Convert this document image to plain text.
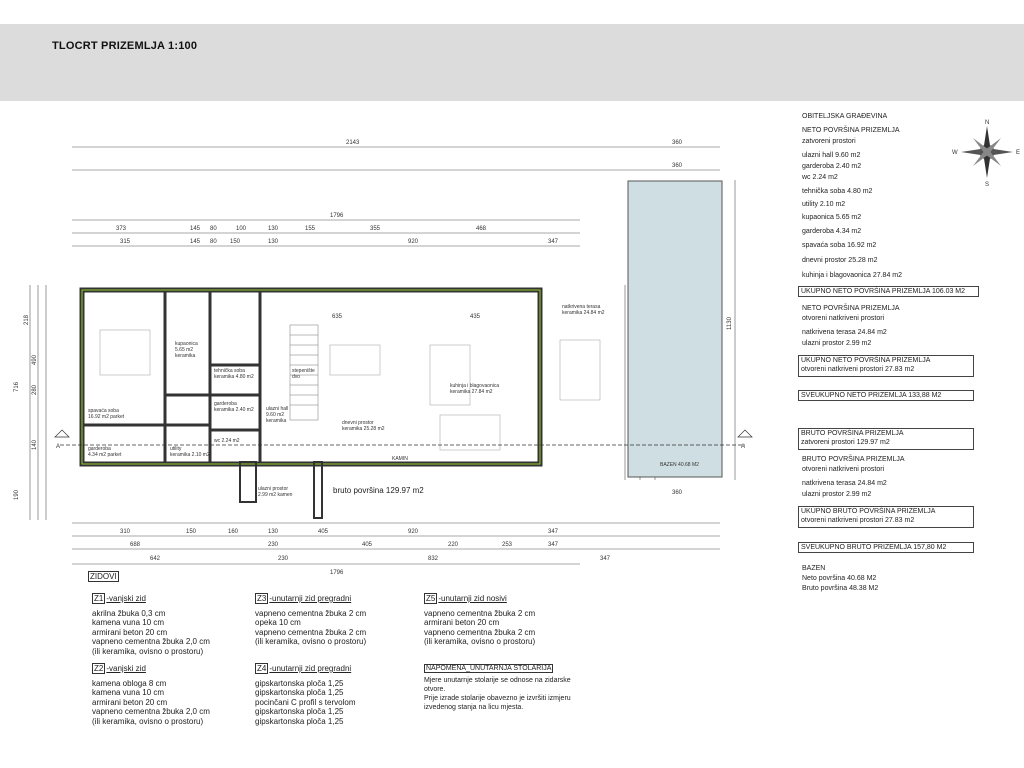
TLOCRT PRIZEMLJA 1:100
2143	360
360
1796
373	145 80	100	130	155	355	468
315	145 80 150	130	920	347
635	435
310	150	160	130	405	920	347
688	230	405	220	253	347
642	230	832	347
1796
360
716
218
490
280
140
190
1130
BAZEN 40.68 M2
A	A
spavaća soba
16.92 m2 parket
garderoba
4.34 m2 parket
kupaonica
5.65 m2
keramika
tehnička soba
keramika 4.80 m2
garderoba
keramika 2.40 m2
wc 2.24 m2
utility
keramika 2.10 m2
ulazni hall
9.60 m2
keramika
stepenište
dvo
dnevni prostor
keramika 25.28 m2
kuhinja i blagovaonica
keramika 27.84 m2
natkrivena terasa
keramika 24.84 m2
ulazni prostor
2.99 m2 kamen
KAMIN
bruto površina 129.97 m2
N
S
E
W
OBITELJSKA GRAĐEVINA
NETO POVRŠINA PRIZEMLJA
zatvoreni prostori
ulazni hall 9.60 m2
garderoba 2.40 m2
wc 2.24 m2
tehnička soba 4.80 m2
utility 2.10 m2
kupaonica 5.65 m2
garderoba 4.34 m2
spavaća soba 16.92 m2
dnevni prostor 25.28 m2
kuhinja i blagovaonica 27.84 m2
UKUPNO NETO POVRŠINA PRIZEMLJA 106.03 M2
NETO POVRŠINA PRIZEMLJA
otvoreni natkriveni prostori
natkrivena terasa 24.84 m2
ulazni prostor 2.99 m2
UKUPNO NETO POVRŠINA PRIZEMLJA
otvoreni natkriveni prostori 27.83 m2
SVEUKUPNO NETO PRIZEMLJA 133,88 M2
BRUTO POVRŠINA PRIZEMLJA
zatvoreni prostori 129.97 m2
BRUTO POVRŠINA PRIZEMLJA
otvoreni natkriveni prostori
natkrivena terasa 24.84 m2
ulazni prostor 2.99 m2
UKUPNO BRUTO POVRŠINA PRIZEMLJA
otvoreni natkriveni prostori 27.83 m2
SVEUKUPNO BRUTO PRIZEMLJA 157,80 M2
BAZEN
Neto površina 40.68 M2
Bruto površina 48.38 M2
ZIDOVI
Z1 -vanjski zid
akrilna žbuka 0,3 cm
kamena vuna 10 cm
armirani beton 20 cm
vapneno cementna žbuka 2,0 cm
(ili keramika, ovisno o prostoru)
Z2 -vanjski zid
kamena obloga 8 cm
kamena vuna 10 cm
armirani beton 20 cm
vapneno cementna žbuka 2,0 cm
(ili keramika, ovisno o prostoru)
Z3 -unutarnji zid pregradni
vapneno cementna žbuka 2 cm
opeka 10 cm
vapneno cementna žbuka 2 cm
(ili keramika, ovisno o prostoru)
Z4 -unutarnji zid pregradni
gipskartonska ploča 1,25
gipskartonska ploča 1,25
pocinčani C profil s tervolom
gipskartonska ploča 1,25
gipskartonska ploča 1,25
Z5 -unutarnji zid nosivi
vapneno cementna žbuka 2 cm
armirani beton 20 cm
vapneno cementna žbuka 2 cm
(ili keramika, ovisno o prostoru)
NAPOMENA_UNUTARNJA STOLARIJA
Mjere unutarnje stolarije se odnose na zidarske
otvore.
Prije izrade stolarije obavezno je izvršiti izmjeru
izvedenog stanja na licu mjesta.
